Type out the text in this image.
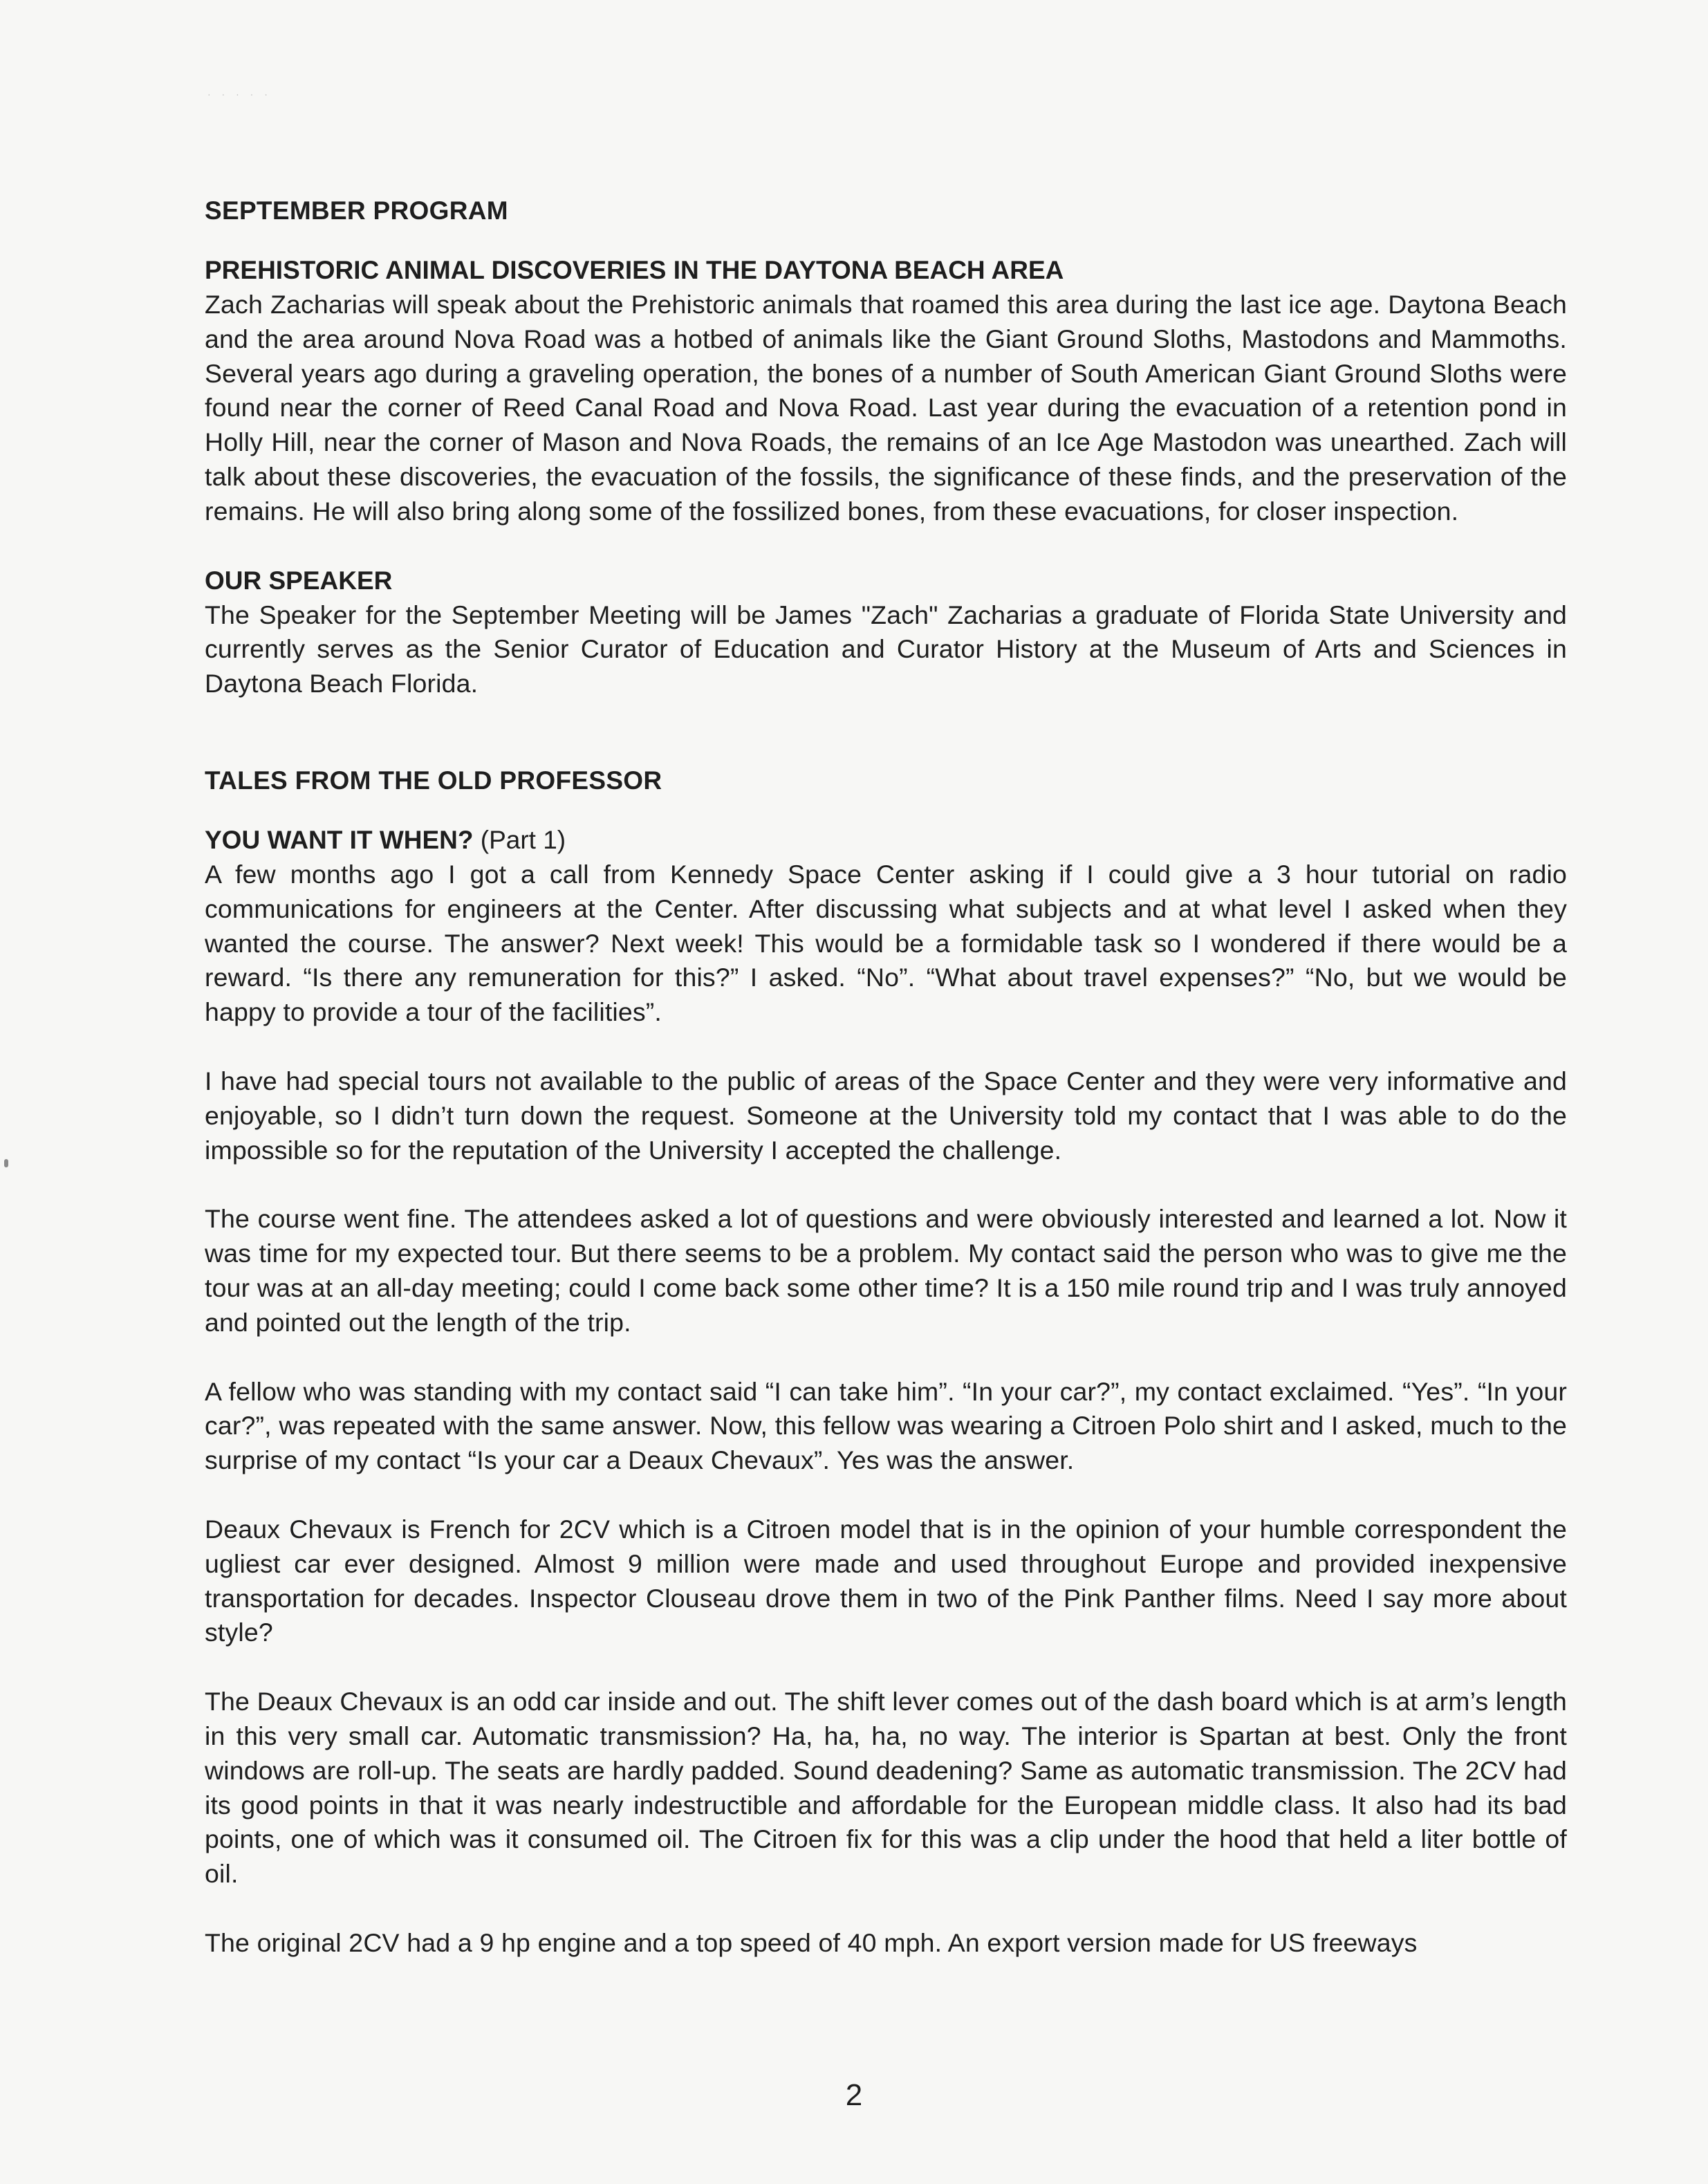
· · · · ·
SEPTEMBER PROGRAM
PREHISTORIC ANIMAL DISCOVERIES IN THE DAYTONA BEACH AREA

Zach Zacharias will speak about the Prehistoric animals that roamed this area during the last ice age. Daytona Beach and the area around Nova Road was a hotbed of animals like the Giant Ground Sloths, Mastodons and Mammoths. Several years ago during a graveling operation, the bones of a number of South American Giant Ground Sloths were found near the corner of Reed Canal Road and Nova Road. Last year during the evacuation of a retention pond in Holly Hill, near the corner of Mason and Nova Roads, the remains of an Ice Age Mastodon was unearthed. Zach will talk about these discoveries, the evacuation of the fossils, the significance of these finds, and the preservation of the remains. He will also bring along some of the fossilized bones, from these evacuations, for closer inspection.

OUR SPEAKER

The Speaker for the September Meeting will be James "Zach" Zacharias a graduate of Florida State University and currently serves as the Senior Curator of Education and Curator History at the Museum of Arts and Sciences in Daytona Beach Florida.

TALES FROM THE OLD PROFESSOR
YOU WANT IT WHEN? (Part 1)

A few months ago I got a call from Kennedy Space Center asking if I could give a 3 hour tutorial on radio communications for engineers at the Center. After discussing what subjects and at what level I asked when they wanted the course. The answer? Next week! This would be a formidable task so I wondered if there would be a reward. “Is there any remuneration for this?” I asked. “No”. “What about travel expenses?” “No, but we would be happy to provide a tour of the facilities”.

I have had special tours not available to the public of areas of the Space Center and they were very informative and enjoyable, so I didn’t turn down the request. Someone at the University told my contact that I was able to do the impossible so for the reputation of the University I accepted the challenge.

The course went fine. The attendees asked a lot of questions and were obviously interested and learned a lot. Now it was time for my expected tour. But there seems to be a problem. My contact said the person who was to give me the tour was at an all-day meeting; could I come back some other time? It is a 150 mile round trip and I was truly annoyed and pointed out the length of the trip.

A fellow who was standing with my contact said “I can take him”. “In your car?”, my contact exclaimed. “Yes”. “In your car?”, was repeated with the same answer. Now, this fellow was wearing a Citroen Polo shirt and I asked, much to the surprise of my contact “Is your car a Deaux Chevaux”. Yes was the answer.

Deaux Chevaux is French for 2CV which is a Citroen model that is in the opinion of your humble correspondent the ugliest car ever designed. Almost 9 million were made and used throughout Europe and provided inexpensive transportation for decades. Inspector Clouseau drove them in two of the Pink Panther films. Need I say more about style?

The Deaux Chevaux is an odd car inside and out. The shift lever comes out of the dash board which is at arm’s length in this very small car. Automatic transmission? Ha, ha, ha, no way. The interior is Spartan at best. Only the front windows are roll-up. The seats are hardly padded. Sound deadening? Same as automatic transmission. The 2CV had its good points in that it was nearly indestructible and affordable for the European middle class. It also had its bad points, one of which was it consumed oil. The Citroen fix for this was a clip under the hood that held a liter bottle of oil.

The original 2CV had a 9 hp engine and a top speed of 40 mph. An export version made for US freeways

2
